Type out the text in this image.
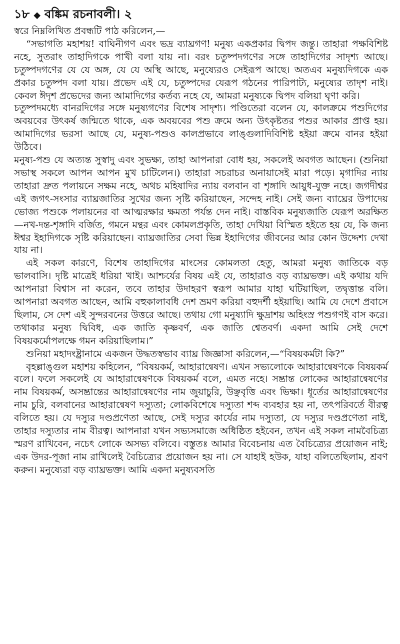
১৮ ◆ বঙ্কিম রচনাবলী। ২

স্বরে নিম্নলিখিত প্রবন্ধটি পাঠ করিলেন,—

“সভাগতি মহাশয়! বাঘিনীগণ এবং ভদ্র ব্যাঘ্রগণ! মনুষ্য একপ্রকার দ্বিপদ জন্তু। তাহারা পক্ষবিশিষ্ট নহে, সুতরাং তাহাদিগকে পাখী বলা যায় না। বরং চতুষ্পদগণের সঙ্গে তাহাদিগের সাদৃশ্য আছে। চতুষ্পদগণের যে যে অঙ্গ, যে যে অস্থি আছে, মনুষ্যেরও সেইরূপ আছে। অতএব মনুষ্যদিগকে এক প্রকার চতুষ্পদ বলা যায়। প্রভেদ এই যে, চতুষ্পদের যেরূপ গঠনের পারিপাট্য, মনুষ্যের তাদৃশ নাই। কেবল ঈদৃশ প্রভেদের জন্য আমাদিগের কর্তব্য নহে যে, আমরা মনুষ্যকে দ্বিপদ বলিয়া ঘৃণা করি।

চতুষ্পদমধ্যে বানরদিগের সঙ্গে মনুষ্যগণের বিশেষ সাদৃশ্য। পণ্ডিতেরা বলেন যে, কালক্রমে পশুদিগের অবয়বের উৎকর্ষ জন্মিতে থাকে, এক অবয়বের পশু ক্রমে অন্য উৎকৃষ্টতর পশুর আকার প্রাপ্ত হয়। আমাদিগের ভরসা আছে যে, মনুষ্য-পশুও কালপ্রভাবে লাঙ্গুলাদিবিশিষ্ট হইয়া ক্রমে বানর হইয়া উঠিবে।

মনুষ্য-পশু যে অত্যন্ত সুস্বাদু এবং সুভক্ষ্য, তাহা আপনারা বোধ হয়, সকলেই অবগত আছেন। (শুনিয়া সভাস্থ সকলে আপন আপন মুখ চাটিলেন।) তাহারা সচরাচর অনায়াসেই মারা পড়ে। মৃগাদির ন্যায় তাহারা দ্রুত পলায়নে সক্ষম নহে, অথচ মহিষাদির ন্যায় বলবান বা শৃঙ্গাদি আয়ুধ-যুক্ত নহে। জগদীশ্বর এই জগৎ-সংসার ব্যাঘ্রজাতির সুখের জন্য সৃষ্টি করিয়াছেন, সন্দেহ নাই। সেই জন্য ব্যাঘ্রের উপাদেয় ভোজ্য পশুকে পলায়নের বা আত্মরক্ষার ক্ষমতা পর্যন্ত দেন নাই। বাস্তবিক মনুষ্যজাতি যেরূপ অরক্ষিত—নখ-দন্ত-শৃঙ্গাদি বর্জিত, গমনে মন্থর এবং কোমলপ্রকৃতি, তাহা দেখিয়া বিস্মিত হইতে হয় যে, কি জন্য ঈশ্বর ইহাদিগকে সৃষ্টি করিয়াছেন। ব্যাঘ্রজাতির সেবা ভিন্ন ইহাদিগের জীবনের আর কোন উদ্দেশ্য দেখা যায় না।

এই সকল কারণে, বিশেষ তাহাদিগের মাংসের কোমলতা হেতু, আমরা মনুষ্য জাতিকে বড় ভালবাসি। দৃষ্টি মাত্রেই ধরিয়া খাই। আশ্চর্যের বিষয় এই যে, তাহারাও বড় ব্যাঘ্রভক্ত। এই কথায় যদি আপনারা বিশ্বাস না করেন, তবে তাহার উদাহরণ স্বরূপ আমার যাহা ঘটিয়াছিল, তদ্বৃত্তান্ত বলি। আপনারা অবগত আছেন, আমি বহুকালাবধি দেশ ভ্রমণ করিয়া বহুদর্শী হইয়াছি। আমি যে দেশে প্রবাসে ছিলাম, সে দেশ এই সুন্দরবনের উত্তরে আছে। তথায় গো মনুষ্যাদি ক্ষুদ্রাশয় অহিংস্র পশুগণই বাস করে। তথাকার মনুষ্য দ্বিবিধ, এক জাতি কৃষ্ণবর্ণ, এক জাতি শ্বেতবর্ণ। একদা আমি সেই দেশে বিষয়কর্মোপলক্ষে গমন করিয়াছিলাম।”

শুনিয়া মহাদংষ্ট্রানামে একজন উদ্ধতস্বভাব ব্যাঘ্র জিজ্ঞাসা করিলেন,—“বিষয়কর্মটা কি?”

বৃহল্লাঙ্গুল মহাশয় কহিলেন, “বিষয়কর্ম, আহারান্বেষণ। এখন সভ্যলোকে আহারান্বেষণকে বিষয়কর্ম বলে। ফলে সকলেই যে আহারান্বেষণকে বিষয়কর্ম বলে, এমত নহে। সম্ভ্রান্ত লোকের আহারান্বেষণের নাম বিষয়কর্ম, অসম্ভ্রান্তের আহারান্বেষণের নাম জুয়াচুরি, উঞ্ছবৃত্তি এবং ভিক্ষা। ধূর্তের আহারান্বেষণের নাম চুরি, বলবানের আহারান্বেষণ দস্যুতা; লোকবিশেষে দস্যুতা শব্দ ব্যবহার হয় না, তৎপরিবর্তে বীরত্ব বলিতে হয়। যে দস্যুর দণ্ডপ্রণেতা আছে, সেই দস্যুর কার্যের নাম দস্যুতা, যে দস্যুর দণ্ডপ্রণেতা নাই, তাহার দস্যুতার নাম বীরত্ব। আপনারা যখন সভ্যসমাজে অধিষ্ঠিত হইবেন, তখন এই সকল নামবৈচিত্র্য স্মরণ রাখিবেন, নচেৎ লোকে অসভ্য বলিবে। বস্তুতঃ আমার বিবেচনায় এত বৈচিত্র্যের প্রয়োজন নাই; এক উদর-পূজা নাম রাখিলেই বৈচিত্র্যের প্রয়োজন হয় না। সে যাহাই হউক, যাহা বলিতেছিলাম, শ্রবণ করুন। মনুষ্যেরা বড় ব্যাঘ্রভক্ত। আমি একদা মনুষ্যবসতি
